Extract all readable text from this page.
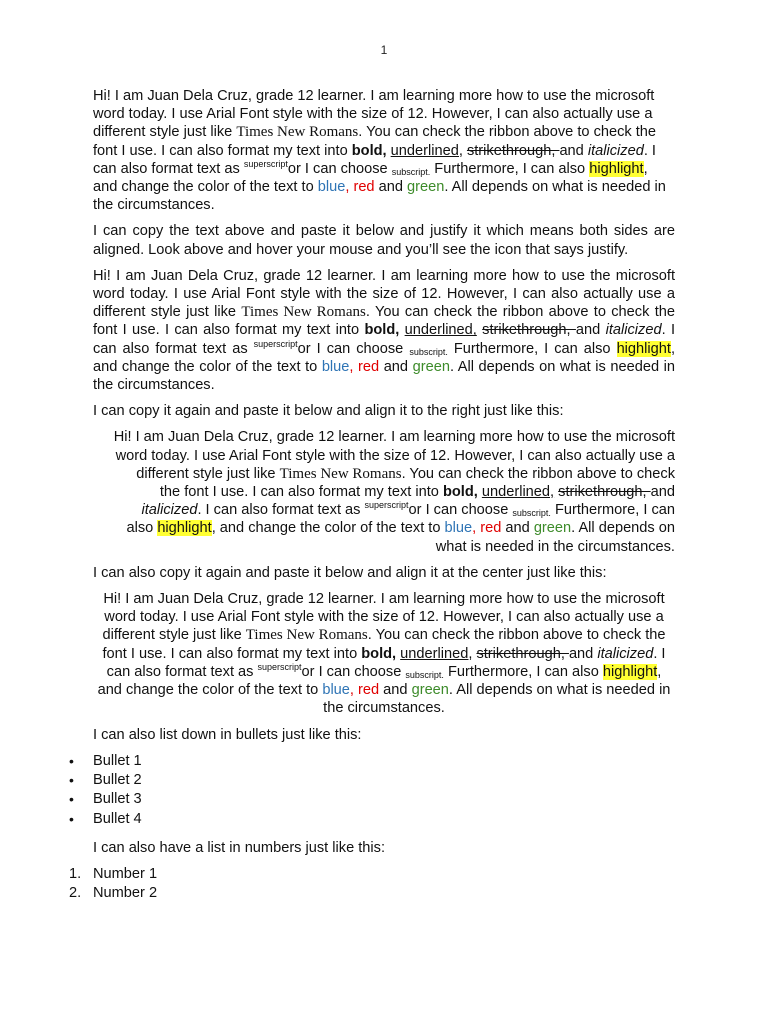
1

Hi! I am Juan Dela Cruz, grade 12 learner. I am learning more how to use the microsoft word today. I use Arial Font style with the size of 12. However, I can also actually use a different style just like Times New Romans. You can check the ribbon above to check the font I use. I can also format my text into bold, underlined, strikethrough, and italicized. I can also format text as $^{superscript}$or I can choose $_{subscript.}$ Furthermore, I can also highlight, and change the color of the text to blue, red and green. All depends on what is needed in the circumstances.

I can copy the text above and paste it below and justify it which means both sides are aligned. Look above and hover your mouse and you’ll see the icon that says justify.

Hi! I am Juan Dela Cruz, grade 12 learner. I am learning more how to use the microsoft word today. I use Arial Font style with the size of 12. However, I can also actually use a different style just like Times New Romans. You can check the ribbon above to check the font I use. I can also format my text into bold, underlined, strikethrough, and italicized. I can also format text as $^{superscript}$or I can choose $_{subscript.}$ Furthermore, I can also highlight, and change the color of the text to blue, red and green. All depends on what is needed in the circumstances.

I can copy it again and paste it below and align it to the right just like this:

Hi! I am Juan Dela Cruz, grade 12 learner. I am learning more how to use the microsoft word today. I use Arial Font style with the size of 12. However, I can also actually use a different style just like Times New Romans. You can check the ribbon above to check the font I use. I can also format my text into bold, underlined, strikethrough, and italicized. I can also format text as $^{superscript}$or I can choose $_{subscript.}$ Furthermore, I can also highlight, and change the color of the text to blue, red and green. All depends on what is needed in the circumstances.

I can also copy it again and paste it below and align it at the center just like this:

Hi! I am Juan Dela Cruz, grade 12 learner. I am learning more how to use the microsoft word today. I use Arial Font style with the size of 12. However, I can also actually use a different style just like Times New Romans. You can check the ribbon above to check the font I use. I can also format my text into bold, underlined, strikethrough, and italicized. I can also format text as $^{superscript}$or I can choose $_{subscript.}$ Furthermore, I can also highlight, and change the color of the text to blue, red and green. All depends on what is needed in the circumstances.

I can also list down in bullets just like this:

• Bullet 1
• Bullet 2
• Bullet 3
• Bullet 4

I can also have a list in numbers just like this:

1. Number 1
2. Number 2
